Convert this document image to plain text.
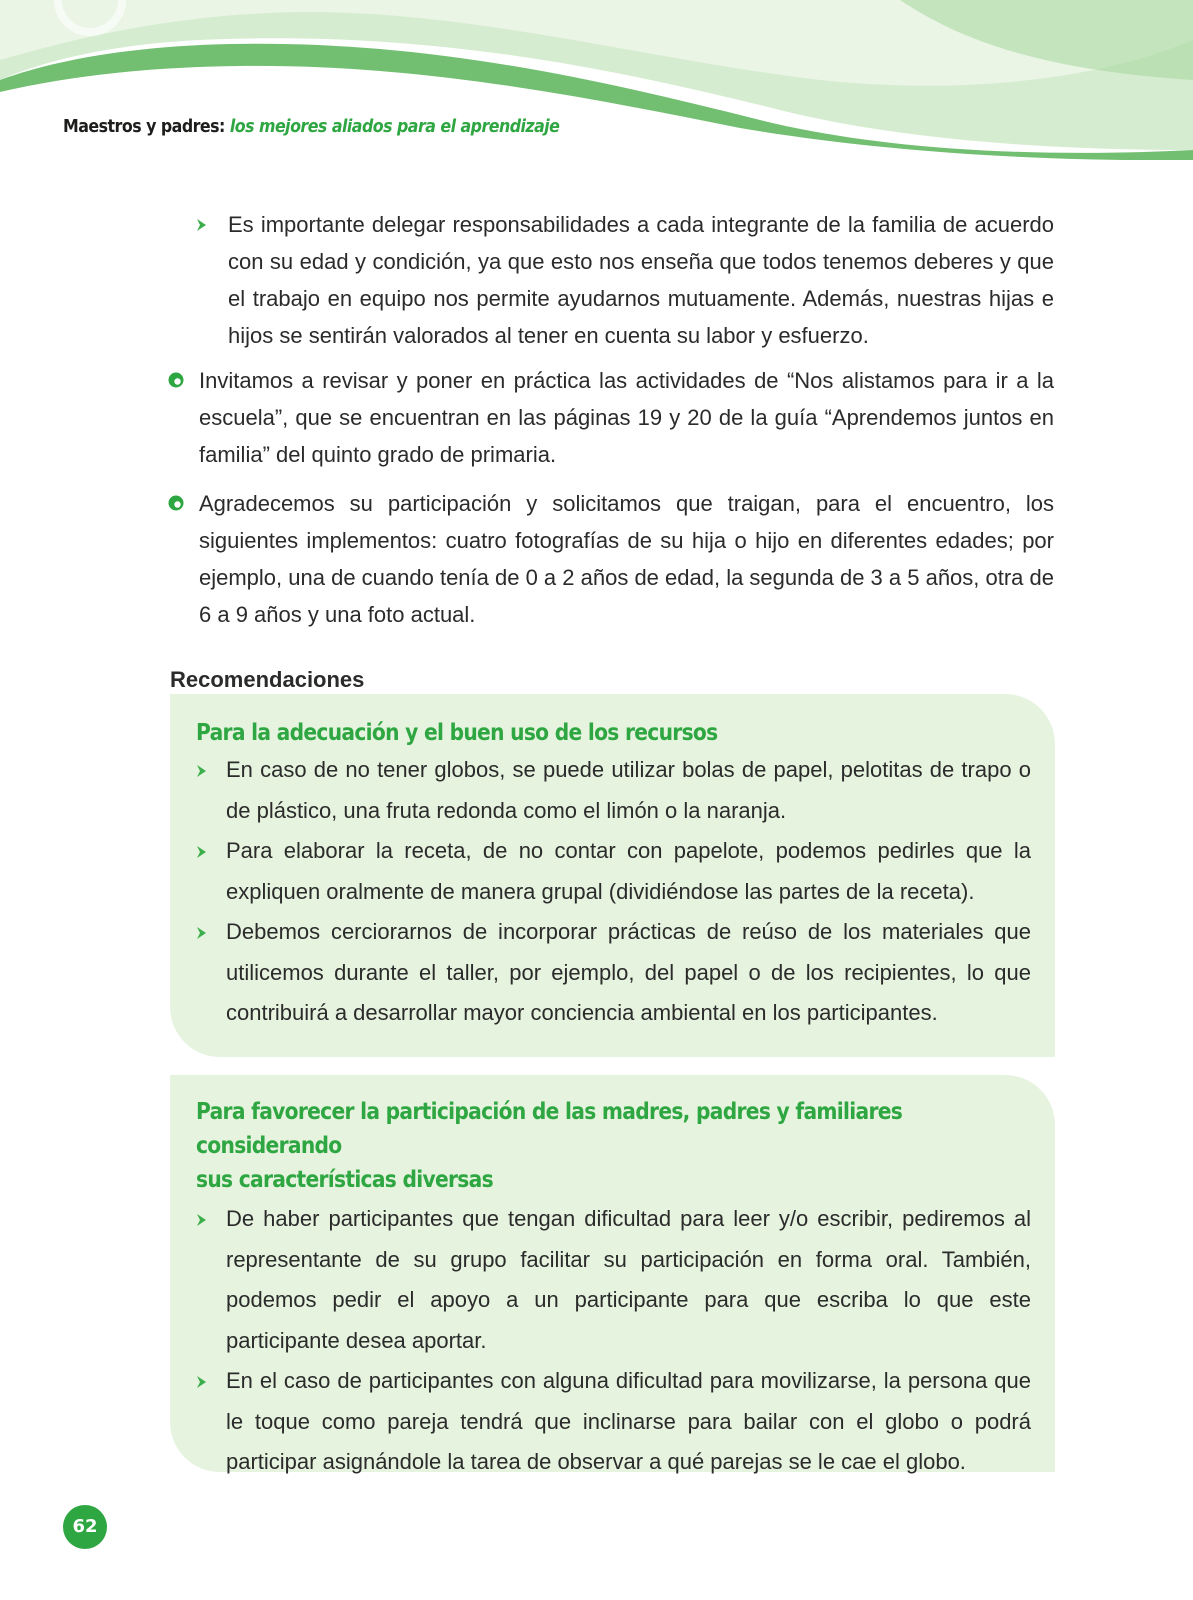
Maestros y padres: los mejores aliados para el aprendizaje
Es importante delegar responsabilidades a cada integrante de la familia de acuerdo con su edad y condición, ya que esto nos enseña que todos tenemos deberes y que el trabajo en equipo nos permite ayudarnos mutuamente. Además, nuestras hijas e hijos se sentirán valorados al tener en cuenta su labor y esfuerzo.
Invitamos a revisar y poner en práctica las actividades de “Nos alistamos para ir a la escuela”, que se encuentran en las páginas 19 y 20 de la guía “Aprendemos juntos en familia” del quinto grado de primaria.
Agradecemos su participación y solicitamos que traigan, para el encuentro, los siguientes implementos: cuatro fotografías de su hija o hijo en diferentes edades; por ejemplo, una de cuando tenía de 0 a 2 años de edad, la segunda de 3 a 5 años, otra de 6 a 9 años y una foto actual.
Recomendaciones
Para la adecuación y el buen uso de los recursos
En caso de no tener globos, se puede utilizar bolas de papel, pelotitas de trapo o de plástico, una fruta redonda como el limón o la naranja.
Para elaborar la receta, de no contar con papelote, podemos pedirles que la expliquen oralmente de manera grupal (dividiéndose las partes de la receta).
Debemos cerciorarnos de incorporar prácticas de reúso de los materiales que utilicemos durante el taller, por ejemplo, del papel o de los recipientes, lo que contribuirá a desarrollar mayor conciencia ambiental en los participantes.
Para favorecer la participación de las madres, padres y familiares considerando
sus características diversas
De haber participantes que tengan dificultad para leer y/o escribir, pediremos al representante de su grupo facilitar su participación en forma oral. También, podemos pedir el apoyo a un participante para que escriba lo que este participante desea aportar.
En el caso de participantes con alguna dificultad para movilizarse, la persona que le toque como pareja tendrá que inclinarse para bailar con el globo o podrá participar asignándole la tarea de observar a qué parejas se le cae el globo.
62
